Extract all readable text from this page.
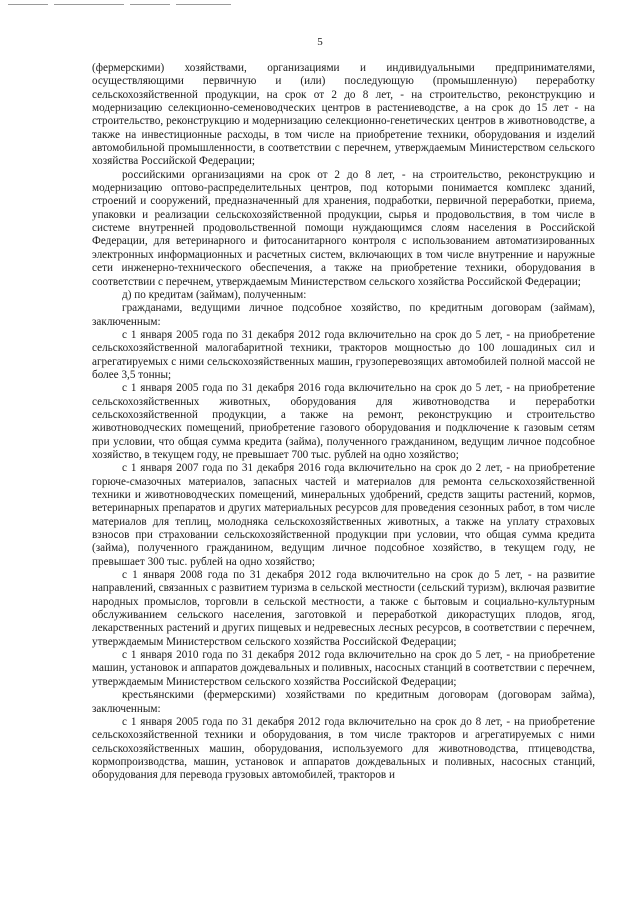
5

(фермерскими) хозяйствами, организациями и индивидуальными предпринимателями, осуществляющими первичную и (или) последующую (промышленную) переработку сельскохозяйственной продукции, на срок от 2 до 8 лет, - на строительство, реконструкцию и модернизацию селекционно-семеноводческих центров в растениеводстве, а на срок до 15 лет - на строительство, реконструкцию и модернизацию селекционно-генетических центров в животноводстве, а также на инвестиционные расходы, в том числе на приобретение техники, оборудования и изделий автомобильной промышленности, в соответствии с перечнем, утверждаемым Министерством сельского хозяйства Российской Федерации;

российскими организациями на срок от 2 до 8 лет, - на строительство, реконструкцию и модернизацию оптово-распределительных центров, под которыми понимается комплекс зданий, строений и сооружений, предназначенный для хранения, подработки, первичной переработки, приема, упаковки и реализации сельскохозяйственной продукции, сырья и продовольствия, в том числе в системе внутренней продовольственной помощи нуждающимся слоям населения в Российской Федерации, для ветеринарного и фитосанитарного контроля с использованием автоматизированных электронных информационных и расчетных систем, включающих в том числе внутренние и наружные сети инженерно-технического обеспечения, а также на приобретение техники, оборудования в соответствии с перечнем, утверждаемым Министерством сельского хозяйства Российской Федерации;

д) по кредитам (займам), полученным:

гражданами, ведущими личное подсобное хозяйство, по кредитным договорам (займам), заключенным:

с 1 января 2005 года по 31 декабря 2012 года включительно на срок до 5 лет, - на приобретение сельскохозяйственной малогабаритной техники, тракторов мощностью до 100 лошадиных сил и агрегатируемых с ними сельскохозяйственных машин, грузоперевозящих автомобилей полной массой не более 3,5 тонны;

с 1 января 2005 года по 31 декабря 2016 года включительно на срок до 5 лет, - на приобретение сельскохозяйственных животных, оборудования для животноводства и переработки сельскохозяйственной продукции, а также на ремонт, реконструкцию и строительство животноводческих помещений, приобретение газового оборудования и подключение к газовым сетям при условии, что общая сумма кредита (займа), полученного гражданином, ведущим личное подсобное хозяйство, в текущем году, не превышает 700 тыс. рублей на одно хозяйство;

с 1 января 2007 года по 31 декабря 2016 года включительно на срок до 2 лет, - на приобретение горюче-смазочных материалов, запасных частей и материалов для ремонта сельскохозяйственной техники и животноводческих помещений, минеральных удобрений, средств защиты растений, кормов, ветеринарных препаратов и других материальных ресурсов для проведения сезонных работ, в том числе материалов для теплиц, молодняка сельскохозяйственных животных, а также на уплату страховых взносов при страховании сельскохозяйственной продукции при условии, что общая сумма кредита (займа), полученного гражданином, ведущим личное подсобное хозяйство, в текущем году, не превышает 300 тыс. рублей на одно хозяйство;

с 1 января 2008 года по 31 декабря 2012 года включительно на срок до 5 лет, - на развитие направлений, связанных с развитием туризма в сельской местности (сельский туризм), включая развитие народных промыслов, торговли в сельской местности, а также с бытовым и социально-культурным обслуживанием сельского населения, заготовкой и переработкой дикорастущих плодов, ягод, лекарственных растений и других пищевых и недревесных лесных ресурсов, в соответствии с перечнем, утверждаемым Министерством сельского хозяйства Российской Федерации;

с 1 января 2010 года по 31 декабря 2012 года включительно на срок до 5 лет, - на приобретение машин, установок и аппаратов дождевальных и поливных, насосных станций в соответствии с перечнем, утверждаемым Министерством сельского хозяйства Российской Федерации;

крестьянскими (фермерскими) хозяйствами по кредитным договорам (договорам займа), заключенным:

с 1 января 2005 года по 31 декабря 2012 года включительно на срок до 8 лет, - на приобретение сельскохозяйственной техники и оборудования, в том числе тракторов и агрегатируемых с ними сельскохозяйственных машин, оборудования, используемого для животноводства, птицеводства, кормопроизводства, машин, установок и аппаратов дождевальных и поливных, насосных станций, оборудования для перевода грузовых автомобилей, тракторов и
